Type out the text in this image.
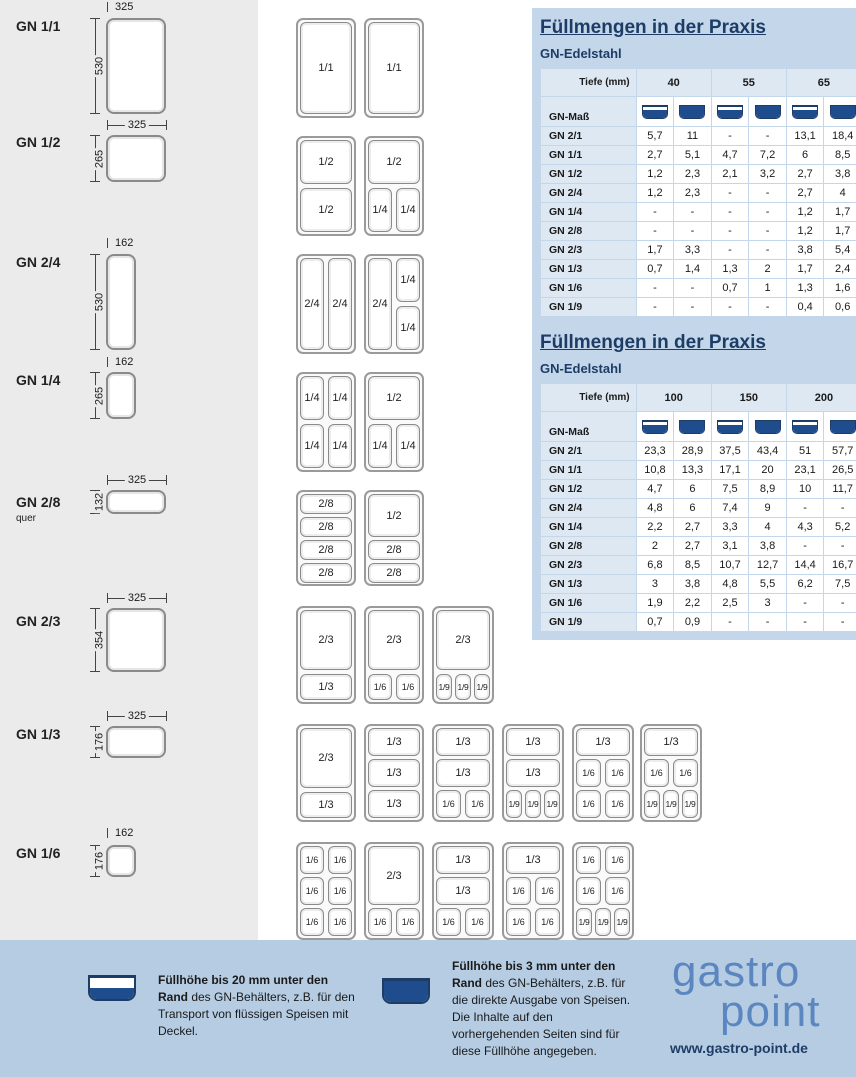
GN 1/1
325
530
GN 1/2
325
265
GN 2/4
162
530
GN 1/4
162
265
GN 2/8
quer
325
132
GN 2/3
325
354
GN 1/3
325
176
GN 1/6
162
176
1/1	1/1
1/2
1/2
1/2
1/4	1/4
2/4	2/4	2/4
1/4
1/4
1/4	1/4
1/4	1/4
1/2
1/4	1/4
2/8
2/8
2/8
2/8
1/2
2/8
2/8
2/3
1/3
2/3
1/6	1/6
2/3
1/9 1/9 1/9
2/3
1/3
1/3
1/3
1/3
1/3
1/3
1/6	1/6
1/3
1/3
1/9 1/9 1/9
1/3
1/6	1/6
1/6	1/6
1/3
1/6	1/6
1/9 1/9 1/9
1/6	1/6
1/6	1/6
1/6	1/6
2/3
1/6	1/6
1/3
1/3
1/6	1/6
1/3
1/6	1/6
1/6	1/6
1/6	1/6
1/6	1/6
1/9 1/9 1/9
Füllmengen in der Praxis
GN-Edelstahl
Tiefe (mm)	40		55		65	
GN-Maß	

GN 2/1	5,7	11	-	-	13,1	18,4
GN 1/1	2,7	5,1	4,7	7,2	6	8,5
GN 1/2	1,2	2,3	2,1	3,2	2,7	3,8
GN 2/4	1,2	2,3	-	-	2,7	4
GN 1/4	-	-	-	-	1,2	1,7
GN 2/8	-	-	-	-	1,2	1,7
GN 2/3	1,7	3,3	-	-	3,8	5,4
GN 1/3	0,7	1,4	1,3	2	1,7	2,4
GN 1/6	-	-	0,7	1	1,3	1,6
GN 1/9	-	-	-	-	0,4	0,6
Füllmengen in der Praxis
GN-Edelstahl
Tiefe (mm)	100		150		200	
GN-Maß	

GN 2/1	23,3	28,9	37,5	43,4	51	57,7
GN 1/1	10,8	13,3	17,1	20	23,1	26,5
GN 1/2	4,7	6	7,5	8,9	10	11,7
GN 2/4	4,8	6	7,4	9	-	-
GN 1/4	2,2	2,7	3,3	4	4,3	5,2
GN 2/8	2	2,7	3,1	3,8	-	-
GN 2/3	6,8	8,5	10,7	12,7	14,4	16,7
GN 1/3	3	3,8	4,8	5,5	6,2	7,5
GN 1/6	1,9	2,2	2,5	3	-	-
GN 1/9	0,7	0,9	-	-	-	-
Füllhöhe bis 20 mm unter den Rand des GN-Behälters, z.B. für den Transport von flüssigen Speisen mit Deckel.
Füllhöhe bis 3 mm unter den Rand des GN-Behälters, z.B. für die direkte Ausgabe von Speisen. Die Inhalte auf den vorhergehenden Seiten sind für diese Füllhöhe angegeben.
gastro
point
www.gastro-point.de
